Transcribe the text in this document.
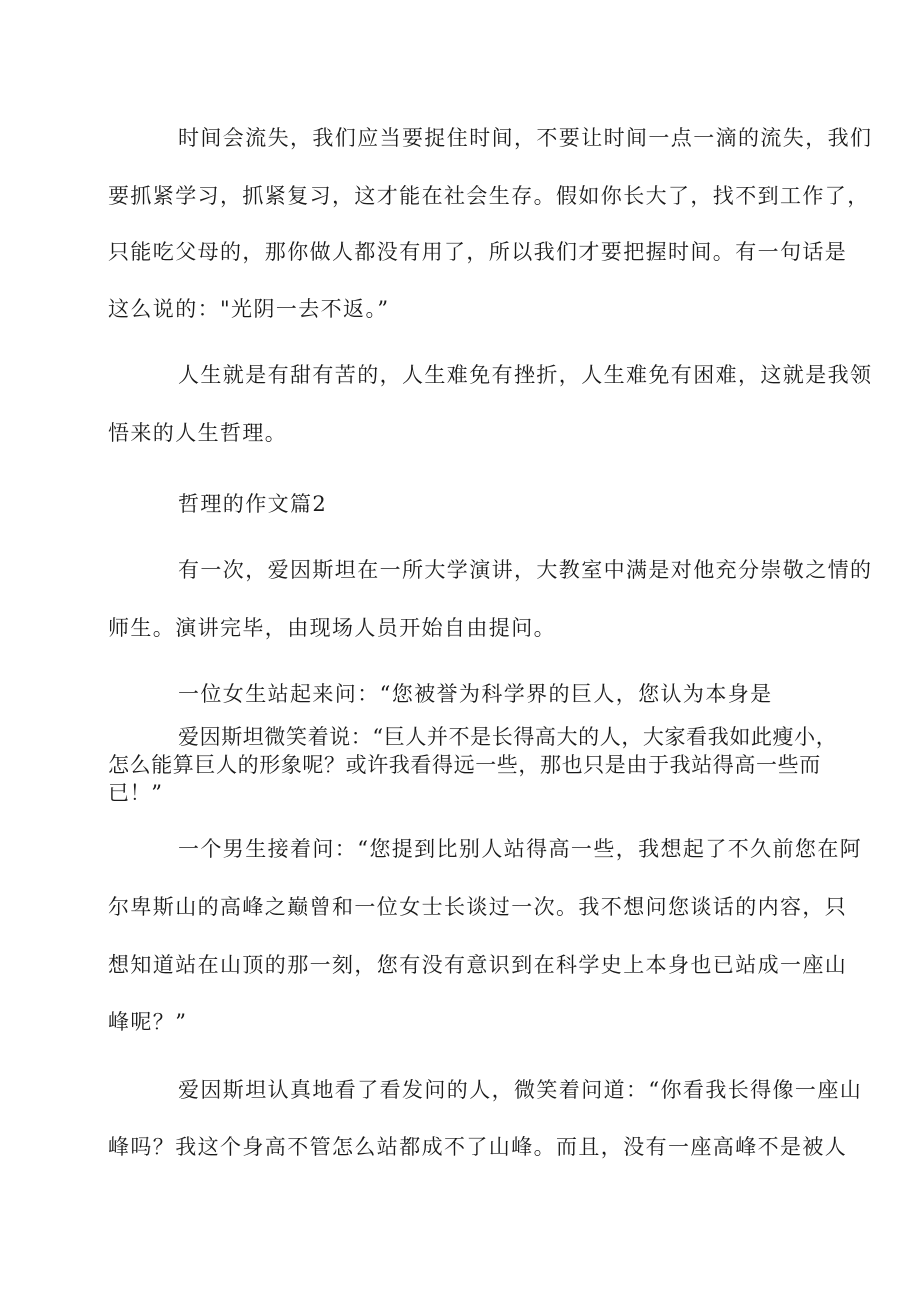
时间会流失，我们应当要捉住时间，不要让时间一点一滴的流失，我们
要抓紧学习，抓紧复习，这才能在社会生存。假如你长大了，找不到工作了，
只能吃父母的，那你做人都没有用了，所以我们才要把握时间。有一句话是
这么说的："光阴一去不返。”
人生就是有甜有苦的，人生难免有挫折，人生难免有困难，这就是我领
悟来的人生哲理。
哲理的作文篇2
有一次，爱因斯坦在一所大学演讲，大教室中满是对他充分崇敬之情的
师生。演讲完毕，由现场人员开始自由提问。
一位女生站起来问：“您被誉为科学界的巨人，您认为本身是
爱因斯坦微笑着说：“巨人并不是长得高大的人，大家看我如此瘦小，
怎么能算巨人的形象呢？或许我看得远一些，那也只是由于我站得高一些而
已！”
一个男生接着问：“您提到比别人站得高一些，我想起了不久前您在阿
尔卑斯山的高峰之巅曾和一位女士长谈过一次。我不想问您谈话的内容，只
想知道站在山顶的那一刻，您有没有意识到在科学史上本身也已站成一座山
峰呢？”
爱因斯坦认真地看了看发问的人，微笑着问道：“你看我长得像一座山
峰吗？我这个身高不管怎么站都成不了山峰。而且，没有一座高峰不是被人
